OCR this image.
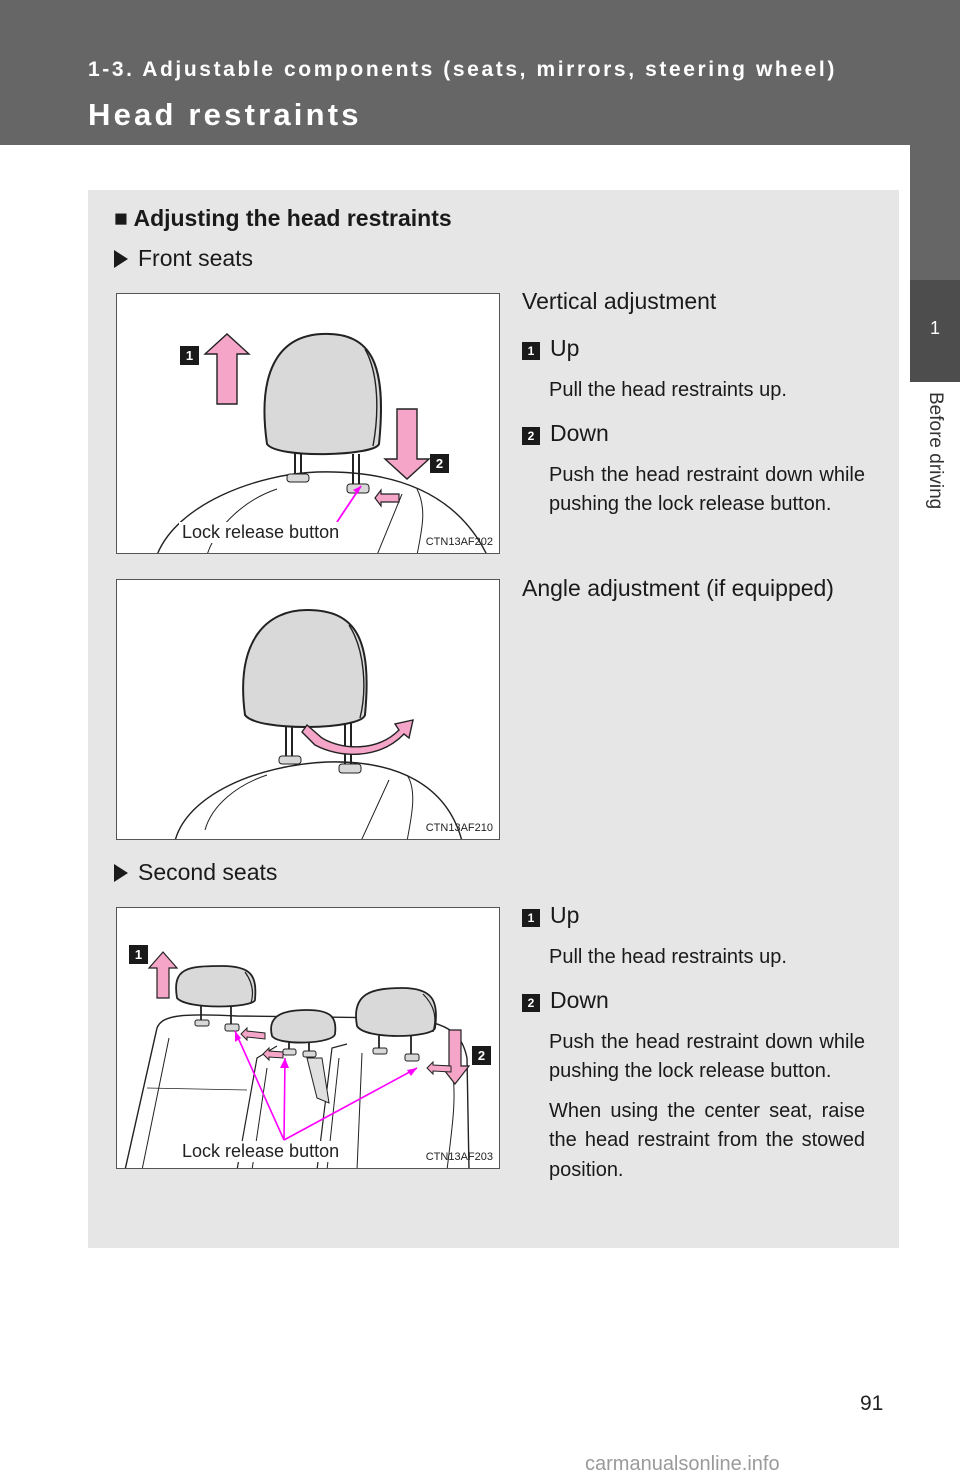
1-3. Adjustable components (seats, mirrors, steering wheel)
Head restraints
1
Before driving
■ Adjusting the head restraints
Front seats
1
2
Lock release button	CTN13AF202
Vertical adjustment
1 Up
Pull the head restraints up.
2 Down
Push the head restraint down while pushing the lock release button.
CTN13AF210
Angle adjustment (if equipped)
Second seats
1
2
Lock release button	CTN13AF203
1 Up
Pull the head restraints up.
2 Down
Push the head restraint down while pushing the lock release button.
When using the center seat, raise the head restraint from the stowed position.
91
carmanualsonline.info
